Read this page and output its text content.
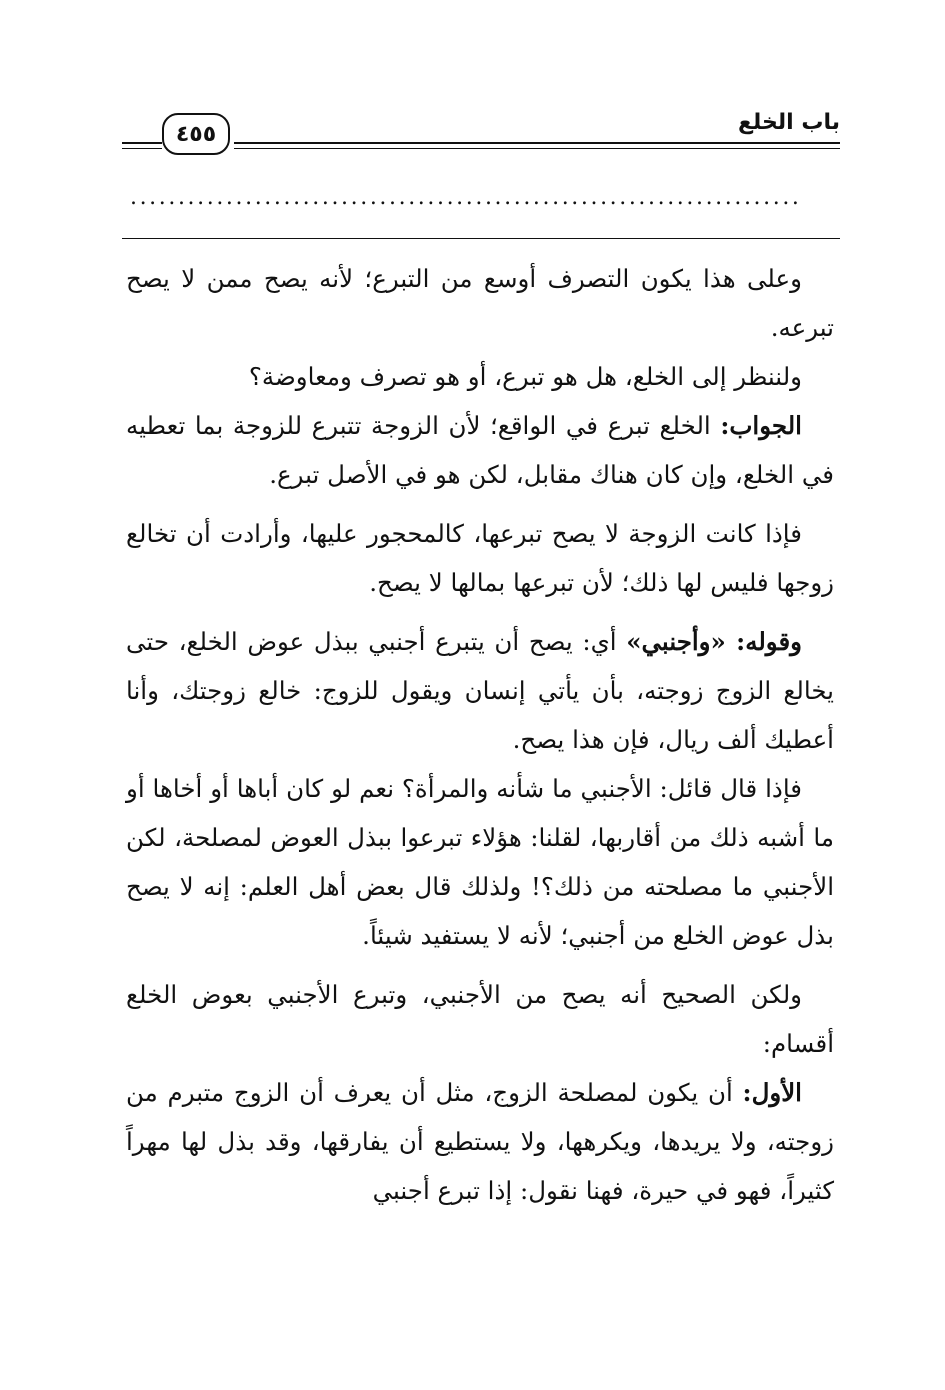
باب الخلع
٤٥٥
......................................................................

وعلى هذا يكون التصرف أوسع من التبرع؛ لأنه يصح ممن لا يصح تبرعه.

ولننظر إلى الخلع، هل هو تبرع، أو هو تصرف ومعاوضة؟

الجواب: الخلع تبرع في الواقع؛ لأن الزوجة تتبرع للزوجة بما تعطيه في الخلع، وإن كان هناك مقابل، لكن هو في الأصل تبرع.

فإذا كانت الزوجة لا يصح تبرعها، كالمحجور عليها، وأرادت أن تخالع زوجها فليس لها ذلك؛ لأن تبرعها بمالها لا يصح.

وقوله: «وأجنبي» أي: يصح أن يتبرع أجنبي ببذل عوض الخلع، حتى يخالع الزوج زوجته، بأن يأتي إنسان ويقول للزوج: خالع زوجتك، وأنا أعطيك ألف ريال، فإن هذا يصح.

فإذا قال قائل: الأجنبي ما شأنه والمرأة؟ نعم لو كان أباها أو أخاها أو ما أشبه ذلك من أقاربها، لقلنا: هؤلاء تبرعوا ببذل العوض لمصلحة، لكن الأجنبي ما مصلحته من ذلك؟! ولذلك قال بعض أهل العلم: إنه لا يصح بذل عوض الخلع من أجنبي؛ لأنه لا يستفيد شيئاً.

ولكن الصحيح أنه يصح من الأجنبي، وتبرع الأجنبي بعوض الخلع أقسام:

الأول: أن يكون لمصلحة الزوج، مثل أن يعرف أن الزوج متبرم من زوجته، ولا يريدها، ويكرهها، ولا يستطيع أن يفارقها، وقد بذل لها مهراً كثيراً، فهو في حيرة، فهنا نقول: إذا تبرع أجنبي
